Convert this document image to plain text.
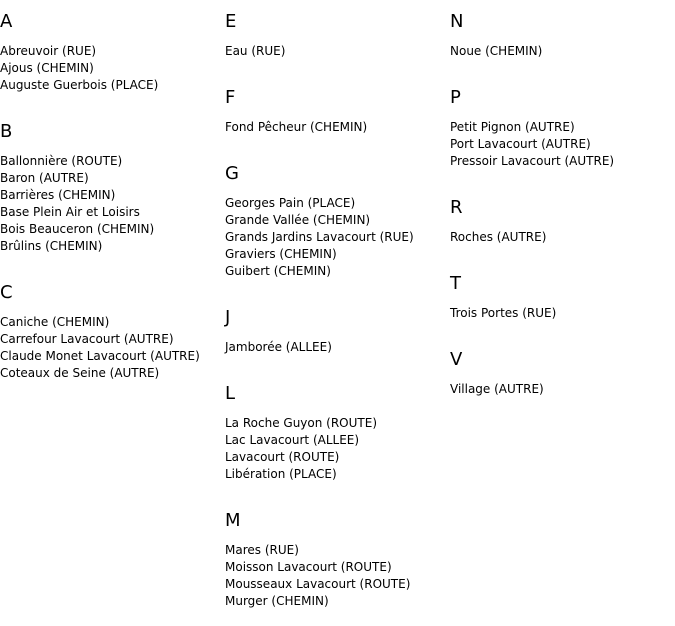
A
Abreuvoir (RUE)
Ajous (CHEMIN)
Auguste Guerbois (PLACE)
B
Ballonnière (ROUTE)
Baron (AUTRE)
Barrières (CHEMIN)
Base Plein Air et Loisirs
Bois Beauceron (CHEMIN)
Brûlins (CHEMIN)
C
Caniche (CHEMIN)
Carrefour Lavacourt (AUTRE)
Claude Monet Lavacourt (AUTRE)
Coteaux de Seine (AUTRE)
E
Eau (RUE)
F
Fond Pêcheur (CHEMIN)
G
Georges Pain (PLACE)
Grande Vallée (CHEMIN)
Grands Jardins Lavacourt (RUE)
Graviers (CHEMIN)
Guibert (CHEMIN)
J
Jamborée (ALLEE)
L
La Roche Guyon (ROUTE)
Lac Lavacourt (ALLEE)
Lavacourt (ROUTE)
Libération (PLACE)
M
Mares (RUE)
Moisson Lavacourt (ROUTE)
Mousseaux Lavacourt (ROUTE)
Murger (CHEMIN)
N
Noue (CHEMIN)
P
Petit Pignon (AUTRE)
Port Lavacourt (AUTRE)
Pressoir Lavacourt (AUTRE)
R
Roches (AUTRE)
T
Trois Portes (RUE)
V
Village (AUTRE)
